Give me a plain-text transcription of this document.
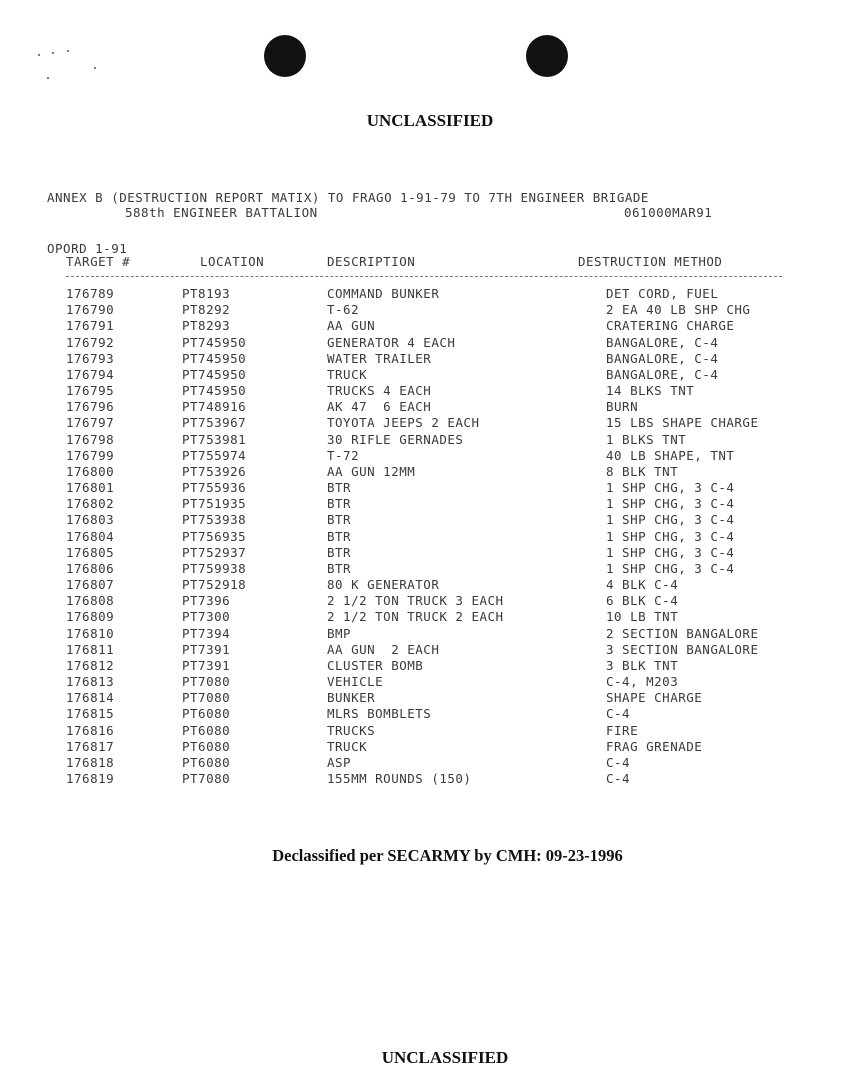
UNCLASSIFIED

ANNEX B (DESTRUCTION REPORT MATIX) TO FRAGO 1-91-79 TO 7TH ENGINEER BRIGADE

OPORD 1-91

588th ENGINEER BATTALION	061000MAR91
TARGET #	LOCATION	DESCRIPTION	DESTRUCTION METHOD
176789	PT8193	COMMAND BUNKER	DET CORD, FUEL
176790	PT8292	T-62	2 EA 40 LB SHP CHG
176791	PT8293	AA GUN	CRATERING CHARGE
176792	PT745950	GENERATOR 4 EACH	BANGALORE, C-4
176793	PT745950	WATER TRAILER	BANGALORE, C-4
176794	PT745950	TRUCK	BANGALORE, C-4
176795	PT745950	TRUCKS 4 EACH	14 BLKS TNT
176796	PT748916	AK 47  6 EACH	BURN
176797	PT753967	TOYOTA JEEPS 2 EACH	15 LBS SHAPE CHARGE
176798	PT753981	30 RIFLE GERNADES	1 BLKS TNT
176799	PT755974	T-72	40 LB SHAPE, TNT
176800	PT753926	AA GUN 12MM	8 BLK TNT
176801	PT755936	BTR	1 SHP CHG, 3 C-4
176802	PT751935	BTR	1 SHP CHG, 3 C-4
176803	PT753938	BTR	1 SHP CHG, 3 C-4
176804	PT756935	BTR	1 SHP CHG, 3 C-4
176805	PT752937	BTR	1 SHP CHG, 3 C-4
176806	PT759938	BTR	1 SHP CHG, 3 C-4
176807	PT752918	80 K GENERATOR	4 BLK C-4
176808	PT7396	2 1/2 TON TRUCK 3 EACH	6 BLK C-4
176809	PT7300	2 1/2 TON TRUCK 2 EACH	10 LB TNT
176810	PT7394	BMP	2 SECTION BANGALORE
176811	PT7391	AA GUN  2 EACH	3 SECTION BANGALORE
176812	PT7391	CLUSTER BOMB	3 BLK TNT
176813	PT7080	VEHICLE	C-4, M203
176814	PT7080	BUNKER	SHAPE CHARGE
176815	PT6080	MLRS BOMBLETS	C-4
176816	PT6080	TRUCKS	FIRE
176817	PT6080	TRUCK	FRAG GRENADE
176818	PT6080	ASP	C-4
176819	PT7080	155MM ROUNDS (150)	C-4
Declassified per SECARMY by CMH: 09-23-1996
UNCLASSIFIED
